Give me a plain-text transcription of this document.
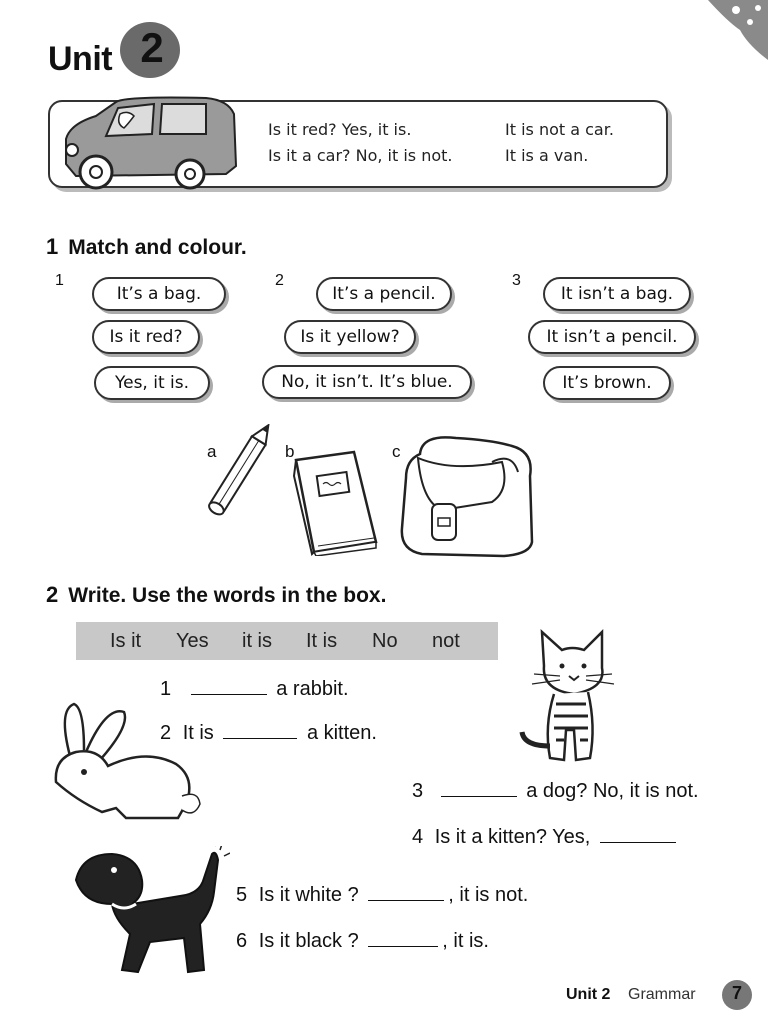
Unit 2
Is it red? Yes, it is.
Is it a car? No, it is not.
It is not a car.
It is a van.
1 Match and colour.
1	2	3
It’s a bag.
Is it red?
Yes, it is.
It’s a pencil.
Is it yellow?
No, it isn’t. It’s blue.
It isn’t a bag.
It isn’t a pencil.
It’s brown.
a	b	c
2 Write. Use the words in the box.
Is it Yes it is It is No not
1	a rabbit.
2 It is	a kitten.
3	a dog? No, it is not.
4 Is it a kitten? Yes,
5 Is it white ?	, it is not.
6 Is it black ?	, it is.
Unit 2 Grammar	7
